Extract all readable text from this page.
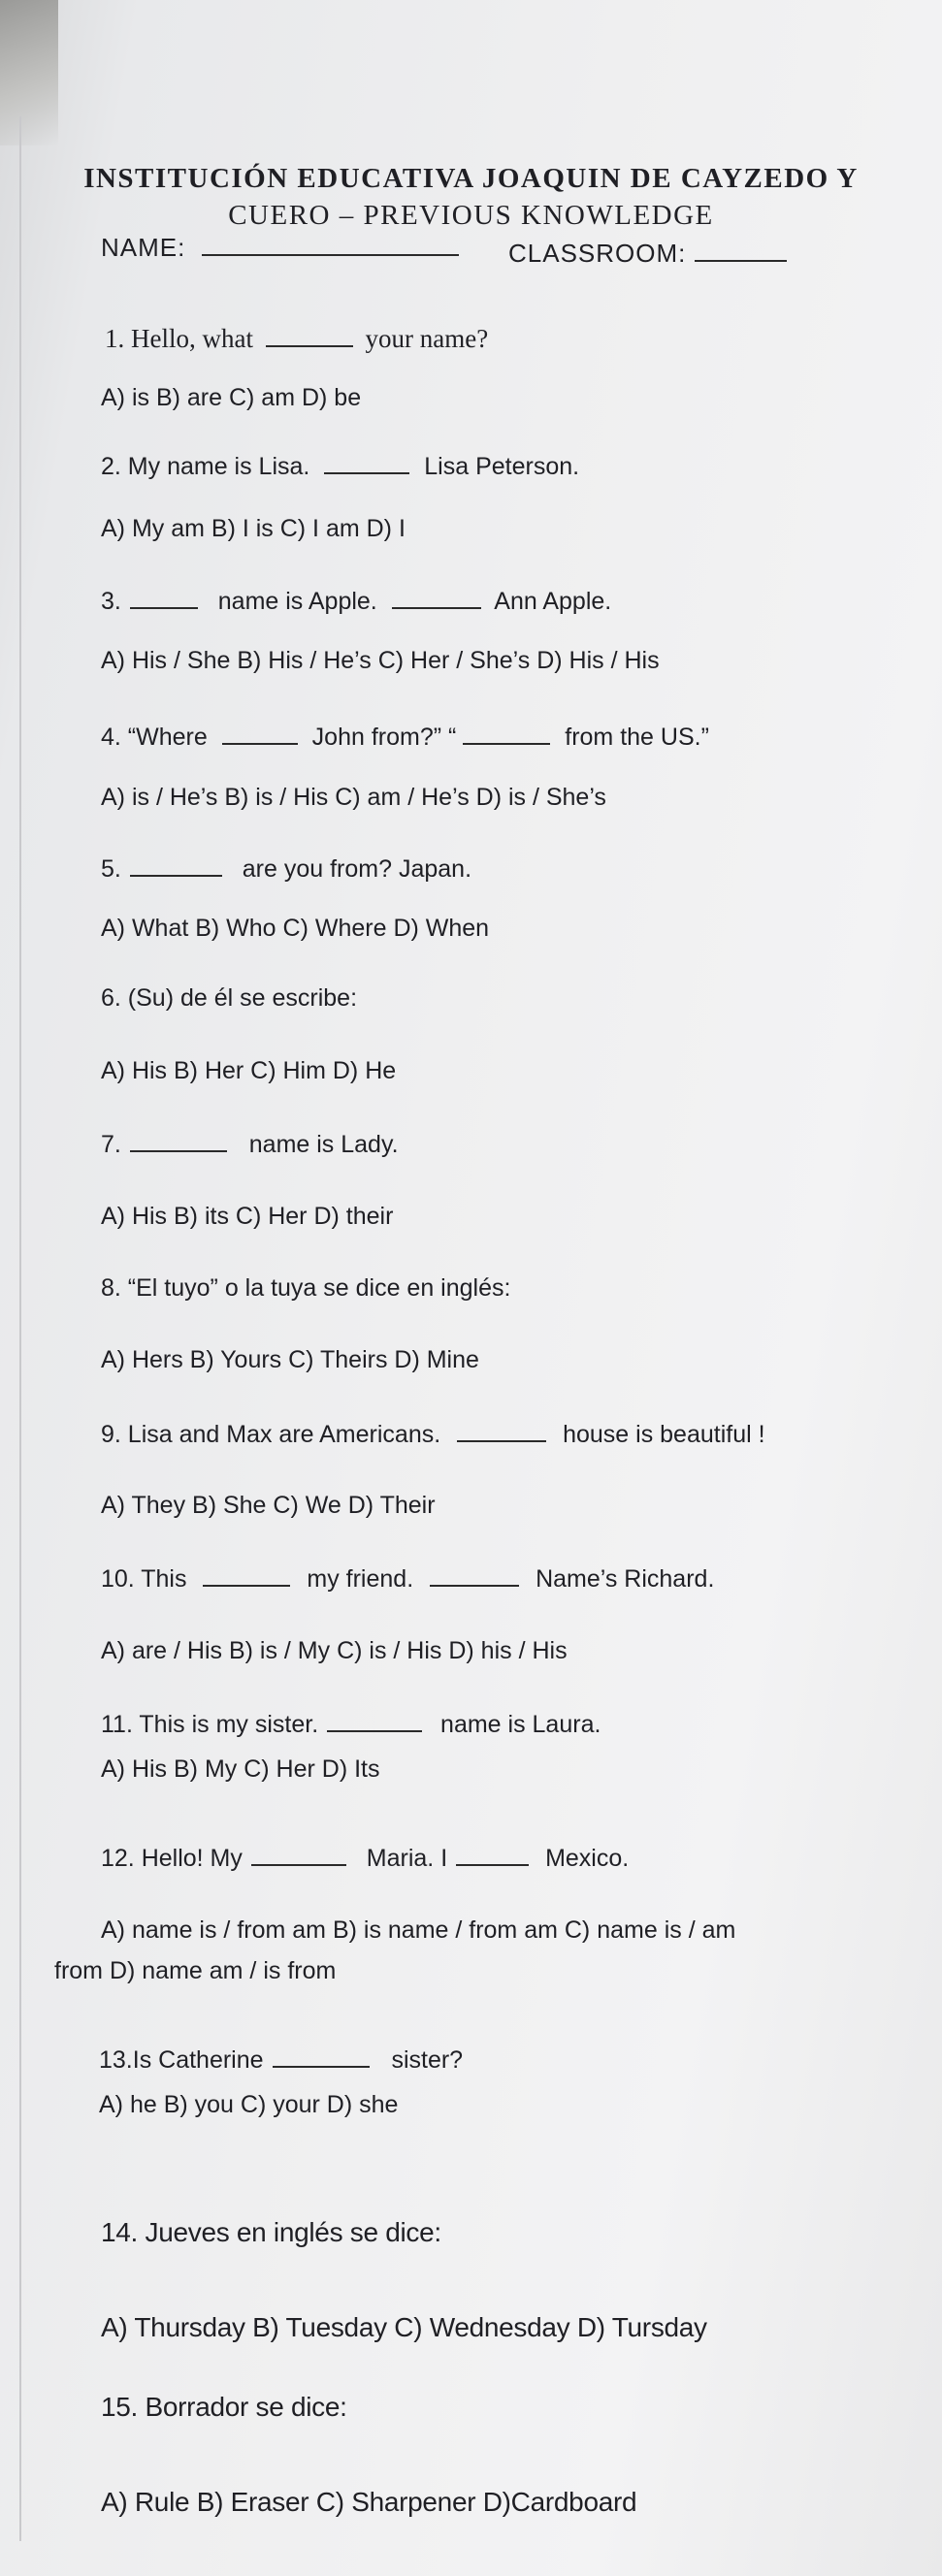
INSTITUCIÓN EDUCATIVA JOAQUIN DE CAYZEDO Y
CUERO – PREVIOUS KNOWLEDGE
NAME:	CLASSROOM:
1. Hello, what	your name?
A) is B) are C) am D) be
2. My name is Lisa.	Lisa Peterson.
A) My am B) I is C) I am D) I
3.	name is Apple.	Ann Apple.
A) His / She B) His / He’s C) Her / She’s D) His / His
4. “Where	John from?” “	from the US.”
A) is / He’s B) is / His C) am / He’s D) is / She’s
5.	are you from? Japan.
A) What B) Who C) Where D) When
6. (Su) de él se escribe:
A) His B) Her C) Him D) He
7.	name is Lady.
A) His B) its C) Her D) their
8. “El tuyo” o la tuya se dice en inglés:
A) Hers B) Yours C) Theirs D) Mine
9. Lisa and Max are Americans.	house is beautiful !
A) They B) She C) We D) Their
10. This	my friend.	Name’s Richard.
A) are / His B) is / My C) is / His D) his / His
11. This is my sister.	name is Laura.
A) His B) My C) Her D) Its
12. Hello! My	Maria. I	Mexico.
A) name is / from am B) is name / from am C) name is / am
from D) name am / is from
13.Is Catherine	sister?
A) he B) you C) your D) she
14. Jueves en inglés se dice:
A) Thursday B) Tuesday C) Wednesday D) Tursday
15. Borrador se dice:
A) Rule B) Eraser C) Sharpener D)Cardboard
